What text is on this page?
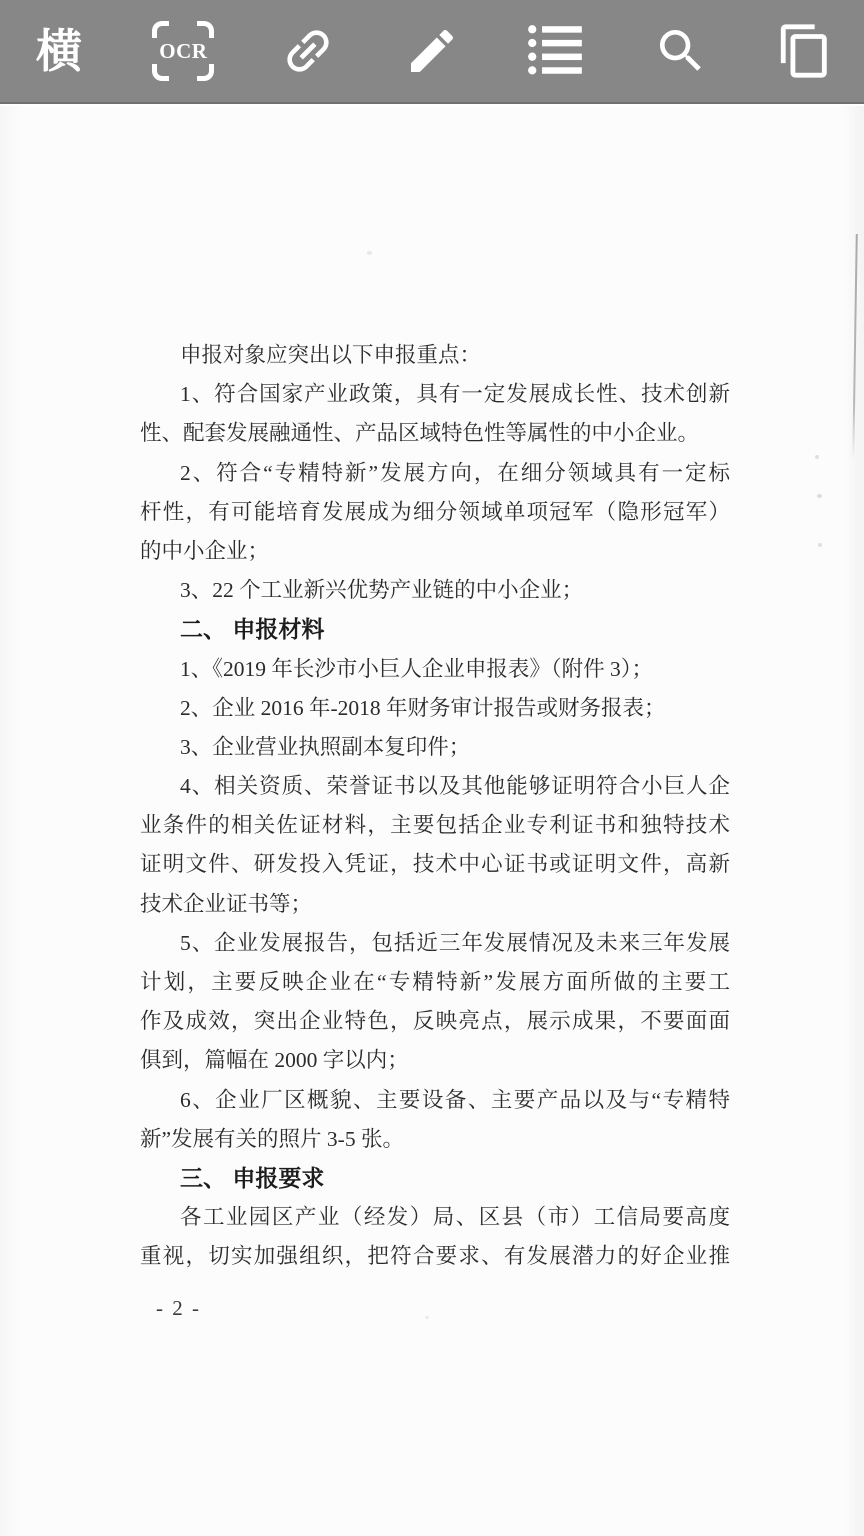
横	OCR
申报对象应突出以下申报重点：
1、符合国家产业政策，具有一定发展成长性、技术创新
性、配套发展融通性、产品区域特色性等属性的中小企业。
2、符合“专精特新”发展方向，在细分领域具有一定标
杆性，有可能培育发展成为细分领域单项冠军（隐形冠军）
的中小企业；
3、22 个工业新兴优势产业链的中小企业；
二、 申报材料
1、《2019 年长沙市小巨人企业申报表》（附件 3）；
2、企业 2016 年-2018 年财务审计报告或财务报表；
3、企业营业执照副本复印件；
4、相关资质、荣誉证书以及其他能够证明符合小巨人企
业条件的相关佐证材料，主要包括企业专利证书和独特技术
证明文件、研发投入凭证，技术中心证书或证明文件，高新
技术企业证书等；
5、企业发展报告，包括近三年发展情况及未来三年发展
计划，主要反映企业在“专精特新”发展方面所做的主要工
作及成效，突出企业特色，反映亮点，展示成果，不要面面
俱到，篇幅在 2000 字以内；
6、企业厂区概貌、主要设备、主要产品以及与“专精特
新”发展有关的照片 3-5 张。
三、 申报要求
各工业园区产业（经发）局、区县（市）工信局要高度
重视，切实加强组织，把符合要求、有发展潜力的好企业推
- 2 -
